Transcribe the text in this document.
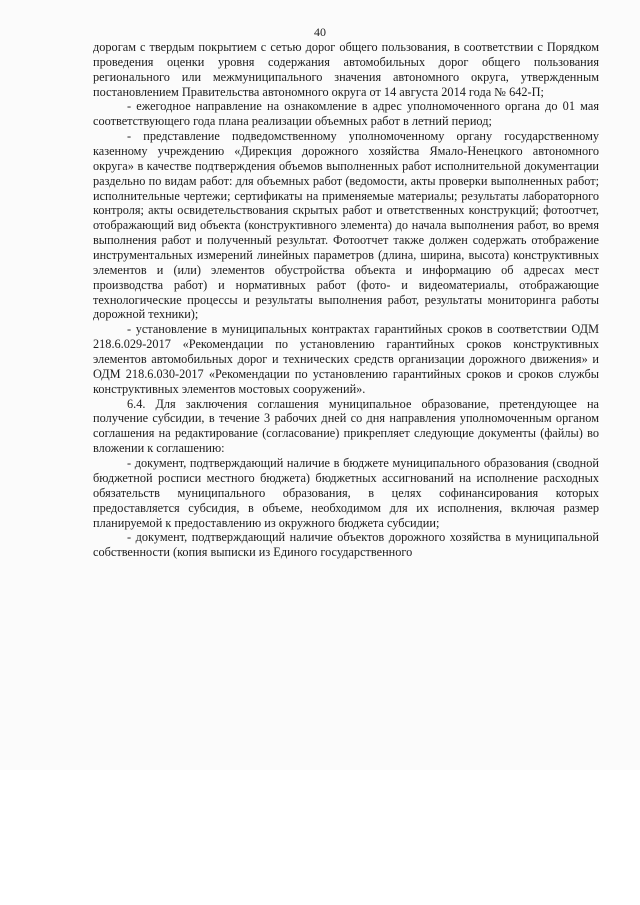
40

дорогам с твердым покрытием с сетью дорог общего пользования, в соответствии с Порядком проведения оценки уровня содержания автомобильных дорог общего пользования регионального или межмуниципального значения автономного округа, утвержденным постановлением Правительства автономного округа от 14 августа 2014 года № 642-П;

- ежегодное направление на ознакомление в адрес уполномоченного органа до 01 мая соответствующего года плана реализации объемных работ в летний период;

- представление подведомственному уполномоченному органу государственному казенному учреждению «Дирекция дорожного хозяйства Ямало-Ненецкого автономного округа» в качестве подтверждения объемов выполненных работ исполнительной документации раздельно по видам работ: для объемных работ (ведомости, акты проверки выполненных работ; исполнительные чертежи; сертификаты на применяемые материалы; результаты лабораторного контроля; акты освидетельствования скрытых работ и ответственных конструкций; фотоотчет, отображающий вид объекта (конструктивного элемента) до начала выполнения работ, во время выполнения работ и полученный результат. Фотоотчет также должен содержать отображение инструментальных измерений линейных параметров (длина, ширина, высота) конструктивных элементов и (или) элементов обустройства объекта и информацию об адресах мест производства работ) и нормативных работ (фото- и видеоматериалы, отображающие технологические процессы и результаты выполнения работ, результаты мониторинга работы дорожной техники);

- установление в муниципальных контрактах гарантийных сроков в соответствии ОДМ 218.6.029-2017 «Рекомендации по установлению гарантийных сроков конструктивных элементов автомобильных дорог и технических средств организации дорожного движения» и ОДМ 218.6.030-2017 «Рекомендации по установлению гарантийных сроков и сроков службы конструктивных элементов мостовых сооружений».

6.4. Для заключения соглашения муниципальное образование, претендующее на получение субсидии, в течение 3 рабочих дней со дня направления уполномоченным органом соглашения на редактирование (согласование) прикрепляет следующие документы (файлы) во вложении к соглашению:

- документ, подтверждающий наличие в бюджете муниципального образования (сводной бюджетной росписи местного бюджета) бюджетных ассигнований на исполнение расходных обязательств муниципального образования, в целях софинансирования которых предоставляется субсидия, в объеме, необходимом для их исполнения, включая размер планируемой к предоставлению из окружного бюджета субсидии;

- документ, подтверждающий наличие объектов дорожного хозяйства в муниципальной собственности (копия выписки из Единого государственного
